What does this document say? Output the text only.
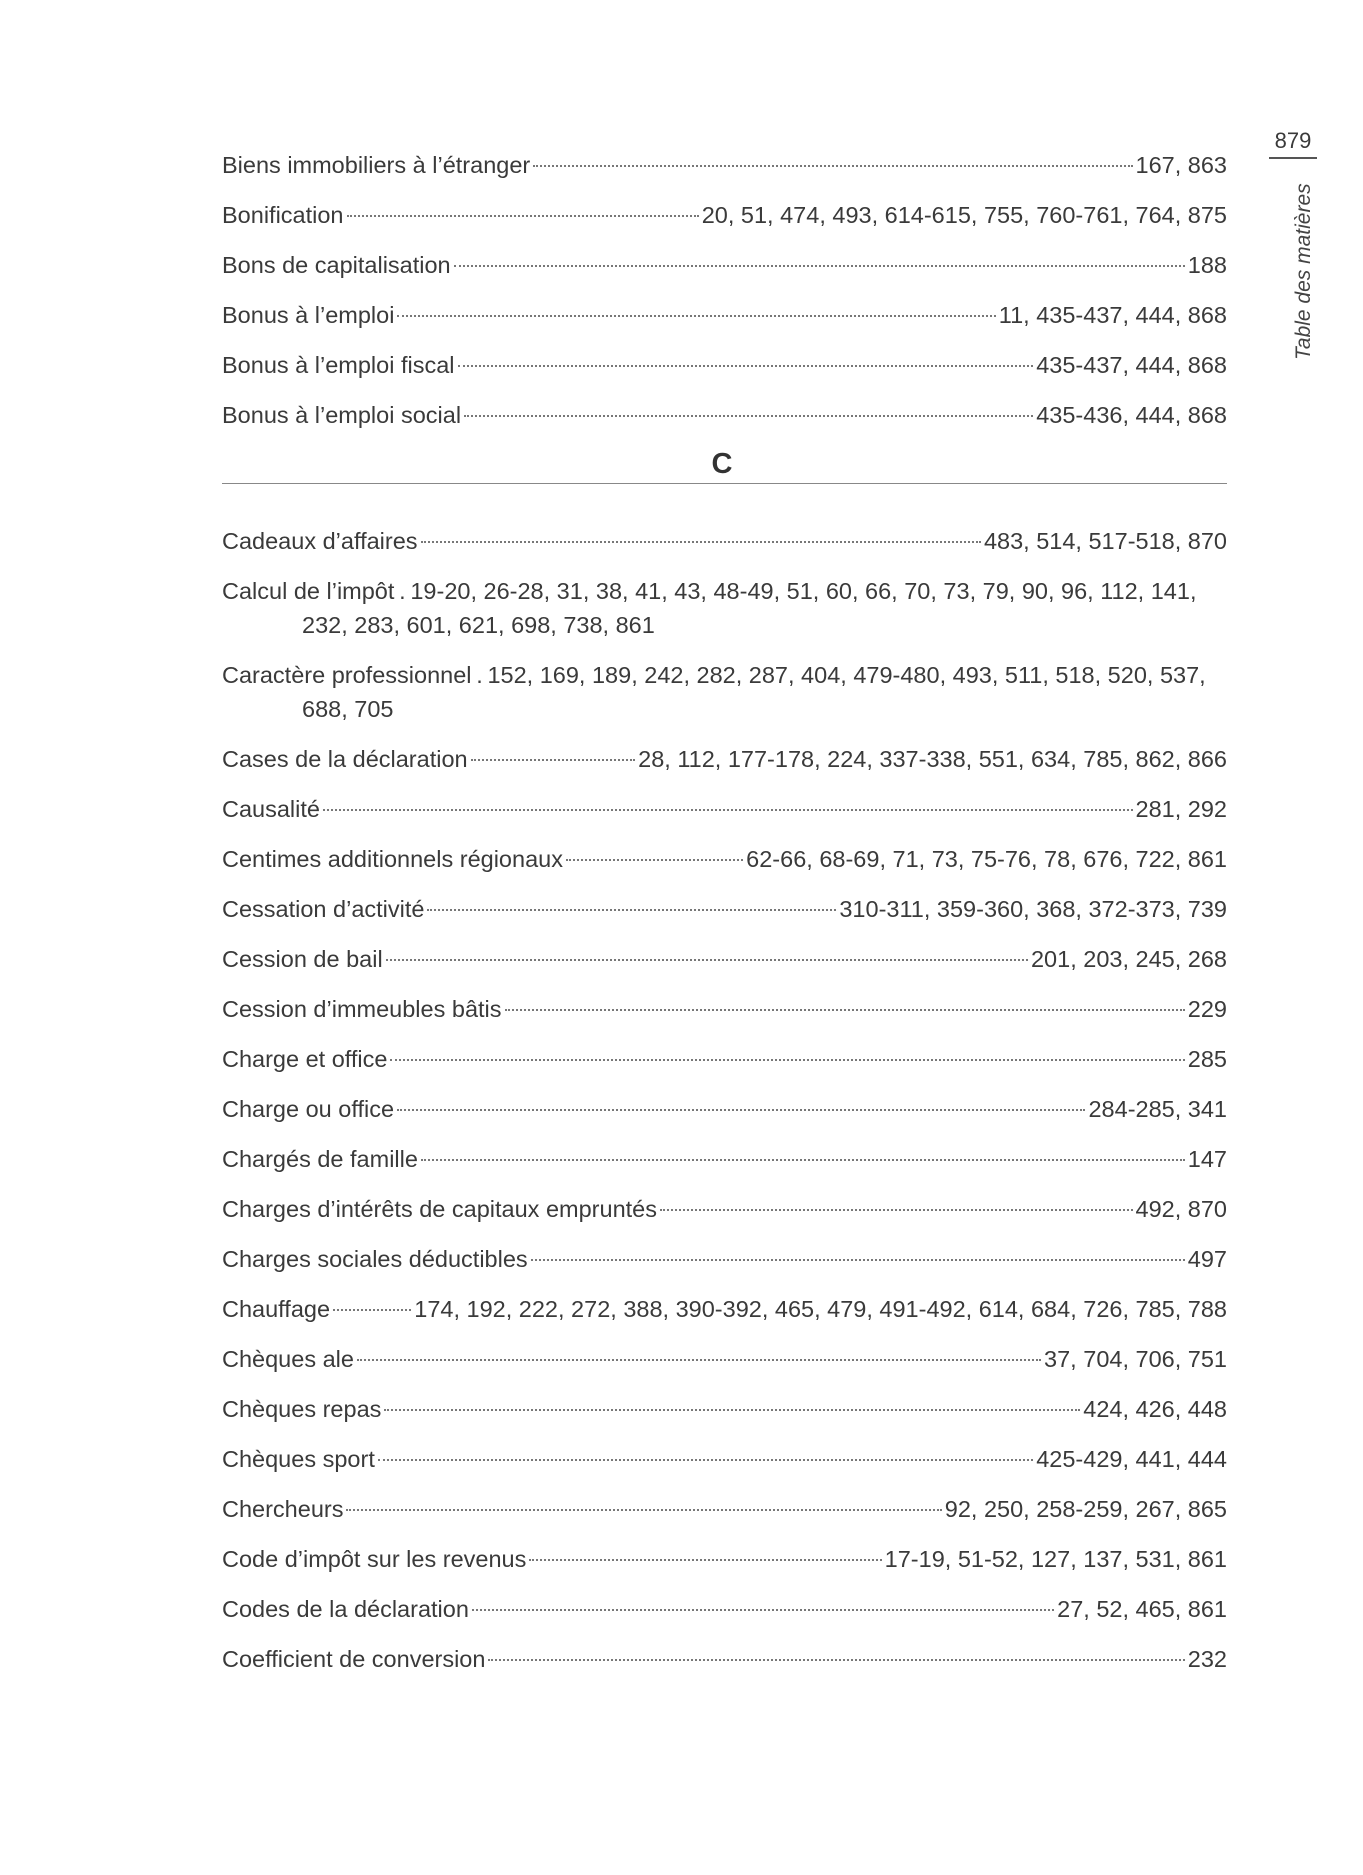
879
Table des matières
Biens immobiliers à l’étranger	167, 863
Bonification	20, 51, 474, 493, 614-615, 755, 760-761, 764, 875
Bons de capitalisation	188
Bonus à l’emploi	11, 435-437, 444, 868
Bonus à l’emploi fiscal	435-437, 444, 868
Bonus à l’emploi social	435-436, 444, 868
C
Cadeaux d’affaires	483, 514, 517-518, 870
Calcul de l’impôt . 19-20, 26-28, 31, 38, 41, 43, 48-49, 51, 60, 66, 70, 73, 79, 90, 96, 112, 141,
232, 283, 601, 621, 698, 738, 861
Caractère professionnel . 152, 169, 189, 242, 282, 287, 404, 479-480, 493, 511, 518, 520, 537,
688, 705
Cases de la déclaration	28, 112, 177-178, 224, 337-338, 551, 634, 785, 862, 866
Causalité	281, 292
Centimes additionnels régionaux	62-66, 68-69, 71, 73, 75-76, 78, 676, 722, 861
Cessation d’activité	310-311, 359-360, 368, 372-373, 739
Cession de bail	201, 203, 245, 268
Cession d’immeubles bâtis	229
Charge et office	285
Charge ou office	284-285, 341
Chargés de famille	147
Charges d’intérêts de capitaux empruntés	492, 870
Charges sociales déductibles	497
Chauffage	174, 192, 222, 272, 388, 390-392, 465, 479, 491-492, 614, 684, 726, 785, 788
Chèques ale	37, 704, 706, 751
Chèques repas	424, 426, 448
Chèques sport	425-429, 441, 444
Chercheurs	92, 250, 258-259, 267, 865
Code d’impôt sur les revenus	17-19, 51-52, 127, 137, 531, 861
Codes de la déclaration	27, 52, 465, 861
Coefficient de conversion	232
